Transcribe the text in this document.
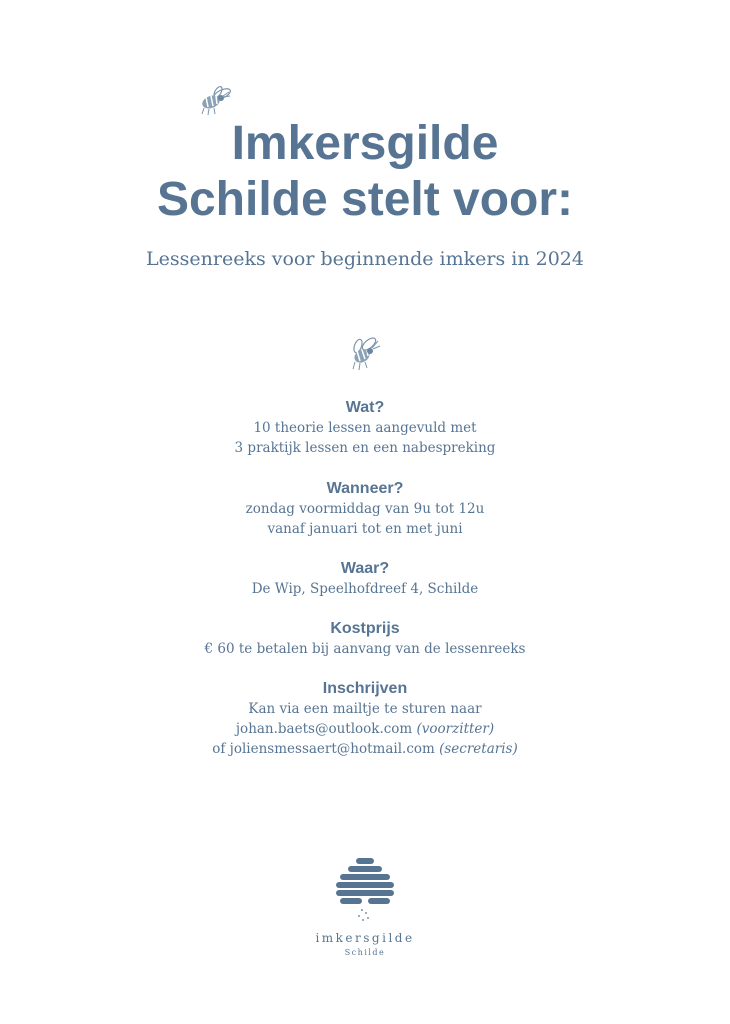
Imkersgilde
Schilde stelt voor:
Lessenreeks voor beginnende imkers in 2024
Wat?
10 theorie lessen aangevuld met
3 praktijk lessen en een nabespreking
Wanneer?
zondag voormiddag van 9u tot 12u
vanaf januari tot en met juni
Waar?
De Wip, Speelhofdreef 4, Schilde
Kostprijs
€ 60 te betalen bij aanvang van de lessenreeks
Inschrijven
Kan via een mailtje te sturen naar
johan.baets@outlook.com (voorzitter)
of joliensmessaert@hotmail.com (secretaris)
imkersgilde
Schilde
